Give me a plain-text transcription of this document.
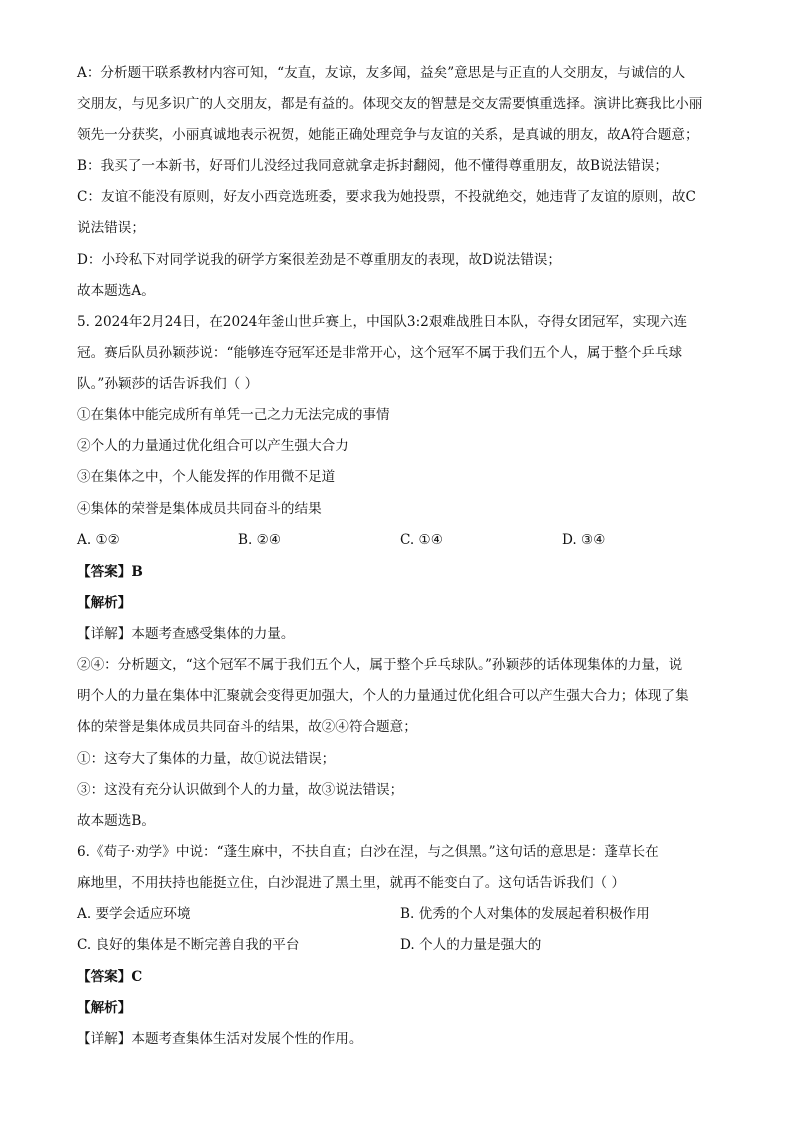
A：分析题干联系教材内容可知，“友直，友谅，友多闻，益矣”意思是与正直的人交朋友，与诚信的人
交朋友，与见多识广的人交朋友，都是有益的。体现交友的智慧是交友需要慎重选择。演讲比赛我比小丽
领先一分获奖，小丽真诚地表示祝贺，她能正确处理竞争与友谊的关系，是真诚的朋友，故A符合题意；
B：我买了一本新书，好哥们儿没经过我同意就拿走拆封翻阅，他不懂得尊重朋友，故B说法错误；
C：友谊不能没有原则，好友小西竞选班委，要求我为她投票，不投就绝交，她违背了友谊的原则，故C
说法错误；
D：小玲私下对同学说我的研学方案很差劲是不尊重朋友的表现，故D说法错误；
故本题选A。
5. 2024年2月24日，在2024年釜山世乒赛上，中国队3:2艰难战胜日本队，夺得女团冠军，实现六连
冠。赛后队员孙颖莎说：“能够连夺冠军还是非常开心，这个冠军不属于我们五个人，属于整个乒乓球
队。”孙颖莎的话告诉我们（ ）
①在集体中能完成所有单凭一己之力无法完成的事情
②个人的力量通过优化组合可以产生强大合力
③在集体之中，个人能发挥的作用微不足道
④集体的荣誉是集体成员共同奋斗的结果
A. ①②	B. ②④	C. ①④	D. ③④
【答案】B
【解析】
【详解】本题考查感受集体的力量。
②④：分析题文，“这个冠军不属于我们五个人，属于整个乒乓球队。”孙颖莎的话体现集体的力量，说
明个人的力量在集体中汇聚就会变得更加强大，个人的力量通过优化组合可以产生强大合力；体现了集
体的荣誉是集体成员共同奋斗的结果，故②④符合题意；
①：这夸大了集体的力量，故①说法错误；
③：这没有充分认识做到个人的力量，故③说法错误；
故本题选B。
6.《荀子·劝学》中说：“蓬生麻中，不扶自直；白沙在涅，与之俱黑。”这句话的意思是：蓬草长在
麻地里，不用扶持也能挺立住，白沙混进了黑土里，就再不能变白了。这句话告诉我们（ ）
A. 要学会适应环境	B. 优秀的个人对集体的发展起着积极作用
C. 良好的集体是不断完善自我的平台	D. 个人的力量是强大的
【答案】C
【解析】
【详解】本题考查集体生活对发展个性的作用。
